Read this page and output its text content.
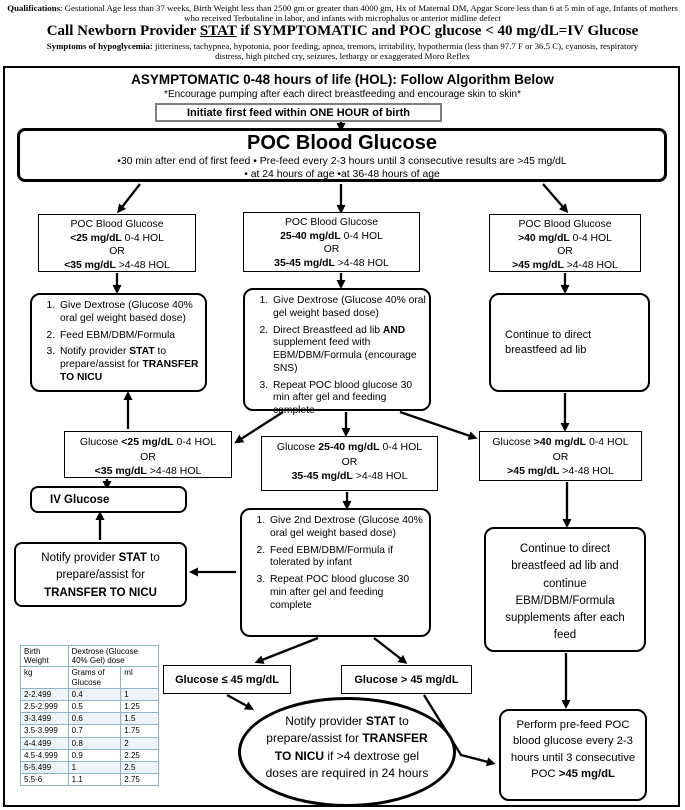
Qualifications: Gestational Age less than 37 weeks, Birth Weight less than 2500 gm or greater than 4000 gm, Hx of Maternal DM, Apgar Score less than 6 at 5 min of age, Infants of mothers who received Terbutaline in labor, and infants with microphalus or anterior midline defect
Call Newborn Provider STAT if SYMPTOMATIC and POC glucose < 40 mg/dL=IV Glucose
Symptoms of hypoglycemia: jitteriness, tachypnea, hypotonia, poor feeding, apnea, tremors, irritability, hypothermia (less than 97.7 F or 36.5 C), cyanosis, respiratory distress, high pitched cry, seizures, lethargy or exaggerated Moro Reflex
ASYMPTOMATIC 0-48 hours of life (HOL): Follow Algorithm Below
*Encourage pumping after each direct breastfeeding and encourage skin to skin*
Initiate first feed within ONE HOUR of birth
POC Blood Glucose
•30 min after end of first feed • Pre-feed every 2-3 hours until 3 consecutive results are >45 mg/dL
• at 24 hours of age •at 36-48 hours of age
POC Blood Glucose
<25 mg/dL 0-4 HOL
OR
<35 mg/dL >4-48 HOL
POC Blood Glucose
25-40 mg/dL 0-4 HOL
OR
35-45 mg/dL >4-48 HOL
POC Blood Glucose
>40 mg/dL 0-4 HOL
OR
>45 mg/dL >4-48 HOL
1. Give Dextrose (Glucose 40% oral gel weight based dose)
2. Feed EBM/DBM/Formula
3. Notify provider STAT to prepare/assist for TRANSFER TO NICU
1. Give Dextrose (Glucose 40% oral gel weight based dose)
2. Direct Breastfeed ad lib AND supplement feed with EBM/DBM/Formula (encourage SNS)
3. Repeat POC blood glucose 30 min after gel and feeding complete
Continue to direct breastfeed ad lib
Glucose <25 mg/dL 0-4 HOL
OR
<35 mg/dL >4-48 HOL
Glucose 25-40 mg/dL 0-4 HOL
OR
35-45 mg/dL >4-48 HOL
Glucose >40 mg/dL 0-4 HOL
OR
>45 mg/dL >4-48 HOL
IV Glucose
Notify provider STAT to prepare/assist for TRANSFER TO NICU
1. Give 2nd Dextrose (Glucose 40% oral gel weight based dose)
2. Feed EBM/DBM/Formula if tolerated by infant
3. Repeat POC blood glucose 30 min after gel and feeding complete
Continue to direct breastfeed ad lib and continue EBM/DBM/Formula supplements after each feed
Glucose ≤ 45 mg/dL	Glucose > 45 mg/dL
Notify provider STAT to prepare/assist for TRANSFER TO NICU if >4 dextrose gel doses are required in 24 hours
Perform pre-feed POC blood glucose every 2-3 hours until 3 consecutive POC >45 mg/dL
Birth Weight	Dextrose (Glucose 40% Gel) dose	
kg	Grams of Glucose	ml
2-2.499	0.4	1
2.5-2.999	0.5	1.25
3-3.499	0.6	1.5
3.5-3.999	0.7	1.75
4-4.499	0.8	2
4.5-4.999	0.9	2.25
5-5.499	1	2.5
5.5-6	1.1	2.75
